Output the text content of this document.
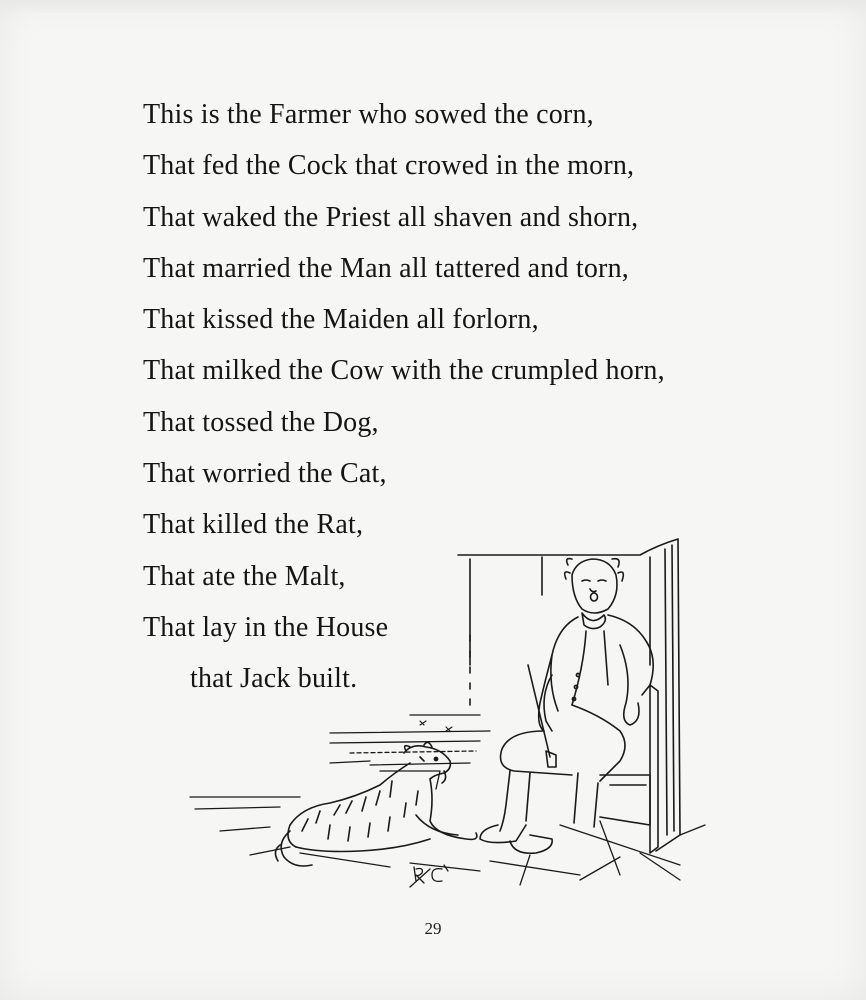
This is the Farmer who sowed the corn,
That fed the Cock that crowed in the morn,
That waked the Priest all shaven and shorn,
That married the Man all tattered and torn,
That kissed the Maiden all forlorn,
That milked the Cow with the crumpled horn,
That tossed the Dog,
That worried the Cat,
That killed the Rat,
That ate the Malt,
That lay in the House
that Jack built.
29
